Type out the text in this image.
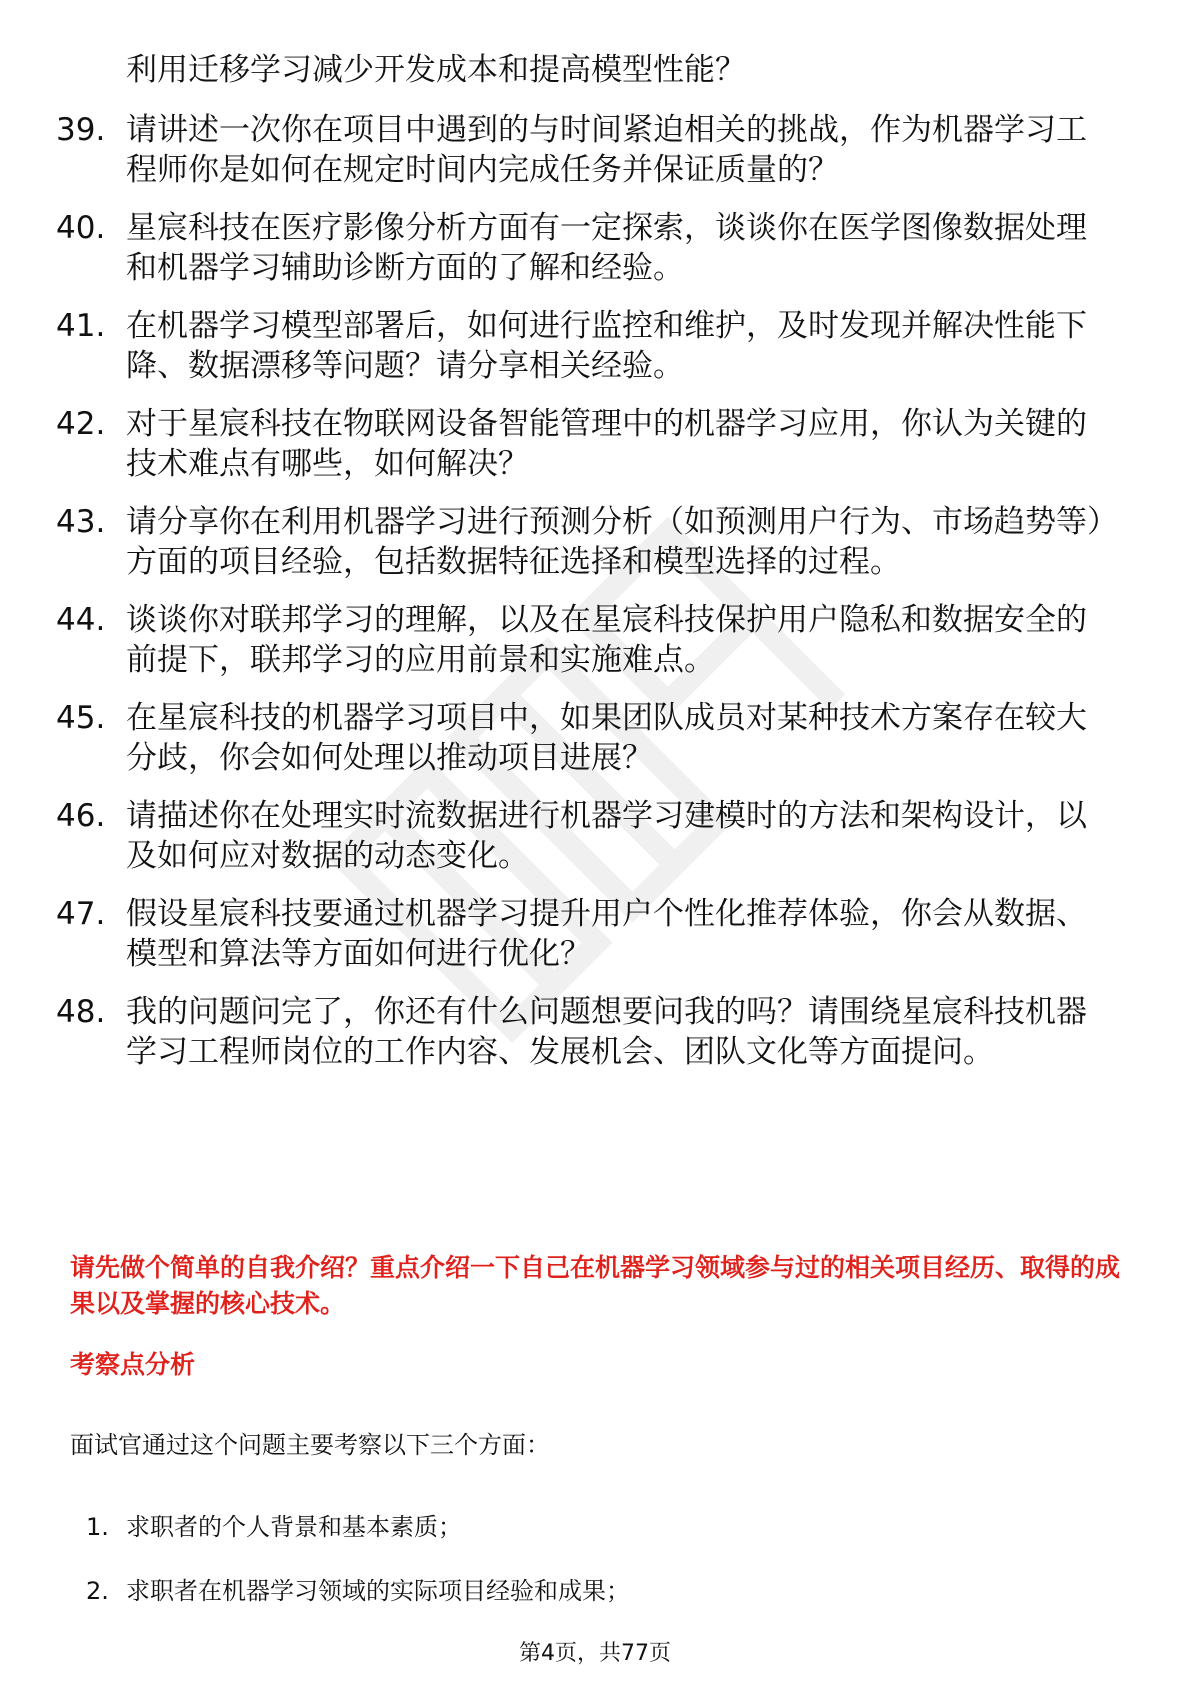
利用迁移学习减少开发成本和提高模型性能？

39. 请讲述一次你在项目中遇到的与时间紧迫相关的挑战，作为机器学习工程师你是如何在规定时间内完成任务并保证质量的？
40. 星宸科技在医疗影像分析方面有一定探索，谈谈你在医学图像数据处理和机器学习辅助诊断方面的了解和经验。
41. 在机器学习模型部署后，如何进行监控和维护，及时发现并解决性能下降、数据漂移等问题？请分享相关经验。
42. 对于星宸科技在物联网设备智能管理中的机器学习应用，你认为关键的技术难点有哪些，如何解决？
43. 请分享你在利用机器学习进行预测分析（如预测用户行为、市场趋势等）方面的项目经验，包括数据特征选择和模型选择的过程。
44. 谈谈你对联邦学习的理解，以及在星宸科技保护用户隐私和数据安全的前提下，联邦学习的应用前景和实施难点。
45. 在星宸科技的机器学习项目中，如果团队成员对某种技术方案存在较大分歧，你会如何处理以推动项目进展？
46. 请描述你在处理实时流数据进行机器学习建模时的方法和架构设计，以及如何应对数据的动态变化。
47. 假设星宸科技要通过机器学习提升用户个性化推荐体验，你会从数据、模型和算法等方面如何进行优化？
48. 我的问题问完了，你还有什么问题想要问我的吗？请围绕星宸科技机器学习工程师岗位的工作内容、发展机会、团队文化等方面提问。

请先做个简单的自我介绍？重点介绍一下自己在机器学习领域参与过的相关项目经历、取得的成果以及掌握的核心技术。

考察点分析

面试官通过这个问题主要考察以下三个方面：

1. 求职者的个人背景和基本素质；
2. 求职者在机器学习领域的实际项目经验和成果；

第4页，共77页
